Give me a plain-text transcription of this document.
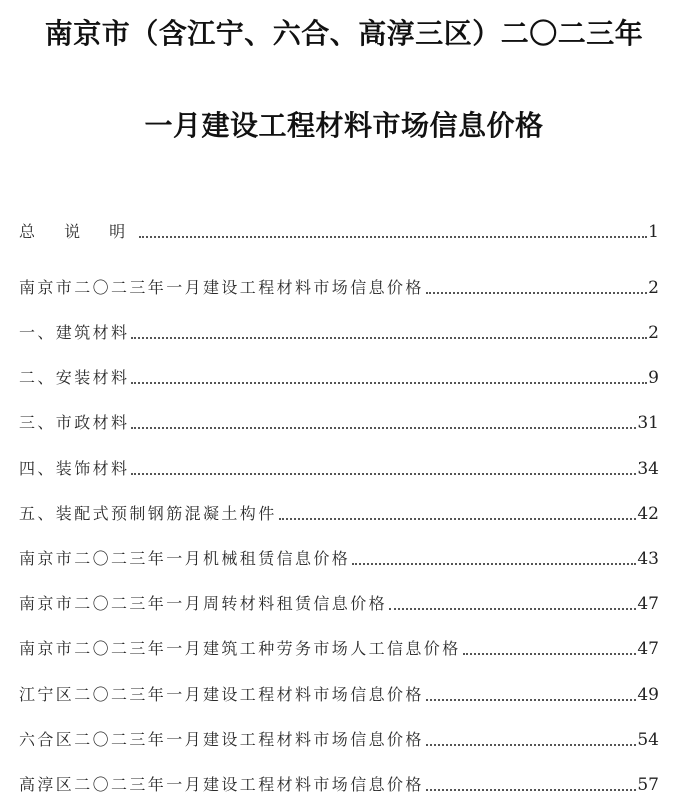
南京市（含江宁、六合、高淳三区）二〇二三年
一月建设工程材料市场信息价格
总 说 明	1
南京市二〇二三年一月建设工程材料市场信息价格	2
一、建筑材料	2
二、安装材料	9
三、市政材料	31
四、装饰材料	34
五、装配式预制钢筋混凝土构件	42
南京市二〇二三年一月机械租赁信息价格	43
南京市二〇二三年一月周转材料租赁信息价格	47
南京市二〇二三年一月建筑工种劳务市场人工信息价格	47
江宁区二〇二三年一月建设工程材料市场信息价格	49
六合区二〇二三年一月建设工程材料市场信息价格	54
高淳区二〇二三年一月建设工程材料市场信息价格	57
